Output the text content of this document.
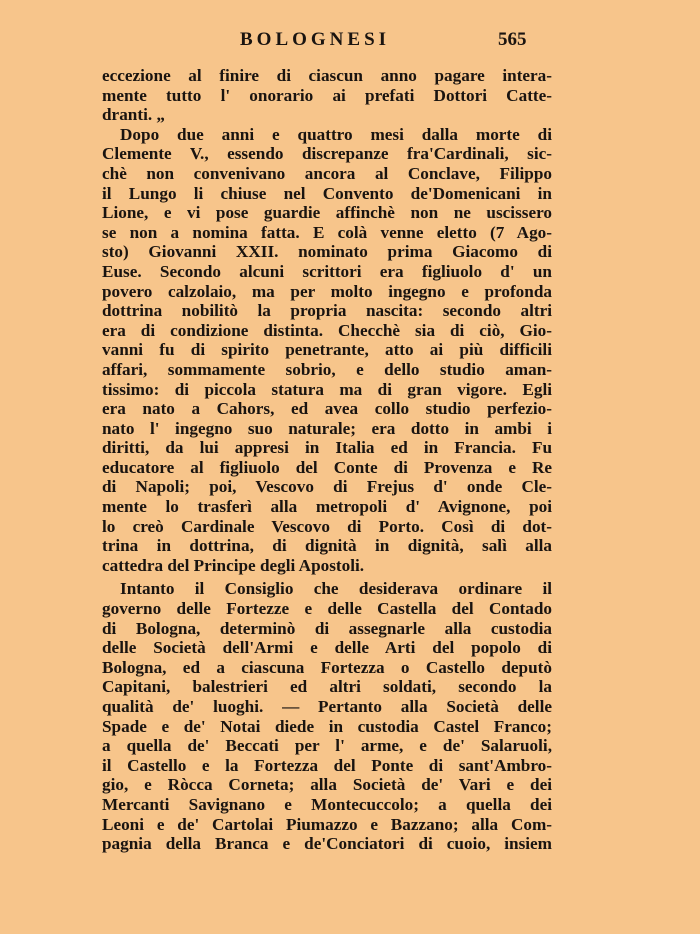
BOLOGNESI	565
eccezione al finire di ciascun anno pagare intera-
mente tutto l' onorario ai prefati Dottori Catte-
dranti. „
Dopo due anni e quattro mesi dalla morte di
Clemente V., essendo discrepanze fra'Cardinali, sic-
chè non convenivano ancora al Conclave, Filippo
il Lungo li chiuse nel Convento de'Domenicani in
Lione, e vi pose guardie affinchè non ne uscissero
se non a nomina fatta. E colà venne eletto (7 Ago-
sto) Giovanni XXII. nominato prima Giacomo di
Euse. Secondo alcuni scrittori era figliuolo d' un
povero calzolaio, ma per molto ingegno e profonda
dottrina nobilitò la propria nascita: secondo altri
era di condizione distinta. Checchè sia di ciò, Gio-
vanni fu di spirito penetrante, atto ai più difficili
affari, sommamente sobrio, e dello studio aman-
tissimo: di piccola statura ma di gran vigore. Egli
era nato a Cahors, ed avea collo studio perfezio-
nato l' ingegno suo naturale; era dotto in ambi i
diritti, da lui appresi in Italia ed in Francia. Fu
educatore al figliuolo del Conte di Provenza e Re
di Napoli; poi, Vescovo di Frejus d' onde Cle-
mente lo trasferì alla metropoli d' Avignone, poi
lo creò Cardinale Vescovo di Porto. Così di dot-
trina in dottrina, di dignità in dignità, salì alla
cattedra del Principe degli Apostoli.
Intanto il Consiglio che desiderava ordinare il
governo delle Fortezze e delle Castella del Contado
di Bologna, determinò di assegnarle alla custodia
delle Società dell'Armi e delle Arti del popolo di
Bologna, ed a ciascuna Fortezza o Castello deputò
Capitani, balestrieri ed altri soldati, secondo la
qualità de' luoghi. — Pertanto alla Società delle
Spade e de' Notai diede in custodia Castel Franco;
a quella de' Beccati per l' arme, e de' Salaruoli,
il Castello e la Fortezza del Ponte di sant'Ambro-
gio, e Ròcca Corneta; alla Società de' Vari e dei
Mercanti Savignano e Montecuccolo; a quella dei
Leoni e de' Cartolai Piumazzo e Bazzano; alla Com-
pagnia della Branca e de'Conciatori di cuoio, insiem
